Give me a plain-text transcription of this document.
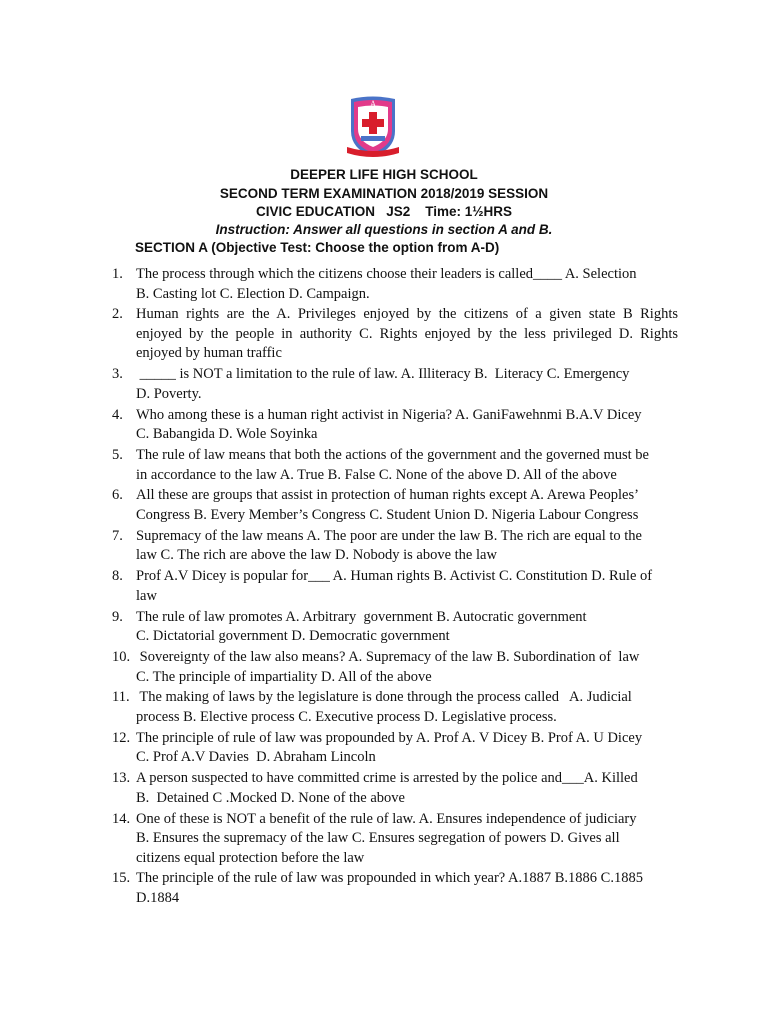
A
DEEPER LIFE HIGH SCHOOL
SECOND TERM EXAMINATION 2018/2019 SESSION
CIVIC EDUCATION   JS2    Time: 1½HRS
Instruction: Answer all questions in section A and B.
SECTION A (Objective Test: Choose the option from A-D)
1. The process through which the citizens choose their leaders is called____ A. Selection
B. Casting lot C. Election D. Campaign.
2. Human rights are the A. Privileges enjoyed by the citizens of a given state B Rights
enjoyed by the people in authority C. Rights enjoyed by the less privileged D. Rights
enjoyed by human traffic
3. _____ is NOT a limitation to the rule of law. A. Illiteracy B.  Literacy C. Emergency
D. Poverty.
4. Who among these is a human right activist in Nigeria? A. GaniFawehnmi B.A.V Dicey
C. Babangida D. Wole Soyinka
5. The rule of law means that both the actions of the government and the governed must be
in accordance to the law A. True B. False C. None of the above D. All of the above
6. All these are groups that assist in protection of human rights except A. Arewa Peoples’
Congress B. Every Member’s Congress C. Student Union D. Nigeria Labour Congress
7. Supremacy of the law means A. The poor are under the law B. The rich are equal to the
law C. The rich are above the law D. Nobody is above the law
8. Prof A.V Dicey is popular for___ A. Human rights B. Activist C. Constitution D. Rule of
law
9. The rule of law promotes A. Arbitrary  government B. Autocratic government
C. Dictatorial government D. Democratic government
10. Sovereignty of the law also means? A. Supremacy of the law B. Subordination of  law
C. The principle of impartiality D. All of the above
11. The making of laws by the legislature is done through the process called   A. Judicial
process B. Elective process C. Executive process D. Legislative process.
12. The principle of rule of law was propounded by A. Prof A. V Dicey B. Prof A. U Dicey
C. Prof A.V Davies  D. Abraham Lincoln
13. A person suspected to have committed crime is arrested by the police and___A. Killed
B.  Detained C .Mocked D. None of the above
14. One of these is NOT a benefit of the rule of law. A. Ensures independence of judiciary
B. Ensures the supremacy of the law C. Ensures segregation of powers D. Gives all
citizens equal protection before the law
15. The principle of the rule of law was propounded in which year? A.1887 B.1886 C.1885
D.1884
